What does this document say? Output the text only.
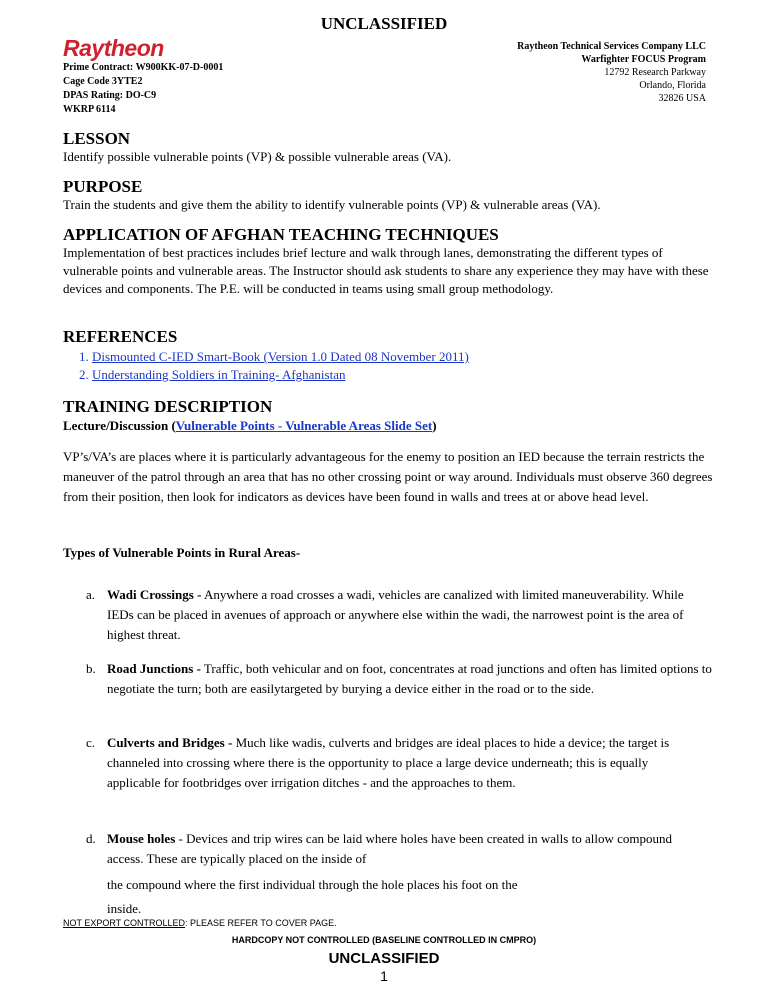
UNCLASSIFIED
Raytheon
Prime Contract: W900KK-07-D-0001
Cage Code 3YTE2
DPAS Rating: DO-C9
WKRP 6114
Raytheon Technical Services Company LLC
Warfighter FOCUS Program
12792 Research Parkway
Orlando, Florida
32826 USA
LESSON
Identify possible vulnerable points (VP) & possible vulnerable areas (VA).
PURPOSE
Train the students and give them the ability to identify vulnerable points (VP) & vulnerable areas (VA).
APPLICATION OF AFGHAN TEACHING TECHNIQUES
Implementation of best practices includes brief lecture and walk through lanes, demonstrating the different types of vulnerable points and vulnerable areas. The Instructor should ask students to share any experience they may have with these devices and components. The P.E. will be conducted in teams using small group methodology.
REFERENCES
1. Dismounted C-IED Smart-Book (Version 1.0 Dated 08 November 2011)
2. Understanding Soldiers in Training- Afghanistan
TRAINING DESCRIPTION
Lecture/Discussion (Vulnerable Points - Vulnerable Areas Slide Set)
VP’s/VA’s are places where it is particularly advantageous for the enemy to position an IED because the terrain restricts the maneuver of the patrol through an area that has no other crossing point or way around. Individuals must observe 360 degrees from their position, then look for indicators as devices have been found in walls and trees at or above head level.
Types of Vulnerable Points in Rural Areas-
a. Wadi Crossings - Anywhere a road crosses a wadi, vehicles are canalized with limited maneuverability. While IEDs can be placed in avenues of approach or anywhere else within the wadi, the narrowest point is the area of highest threat.
b. Road Junctions - Traffic, both vehicular and on foot, concentrates at road junctions and often has limited options to negotiate the turn; both are easilytargeted by burying a device either in the road or to the side.
c. Culverts and Bridges - Much like wadis, culverts and bridges are ideal places to hide a device; the target is channeled into crossing where there is the opportunity to place a large device underneath; this is equally applicable for footbridges over irrigation ditches - and the approaches to them.
d. Mouse holes - Devices and trip wires can be laid where holes have been created in walls to allow compound access. These are typically placed on the inside of
the compound where the first individual through the hole places his foot on the
inside.
NOT EXPORT CONTROLLED: PLEASE REFER TO COVER PAGE.
HARDCOPY NOT CONTROLLED (BASELINE CONTROLLED IN CMPRO)
UNCLASSIFIED
1
